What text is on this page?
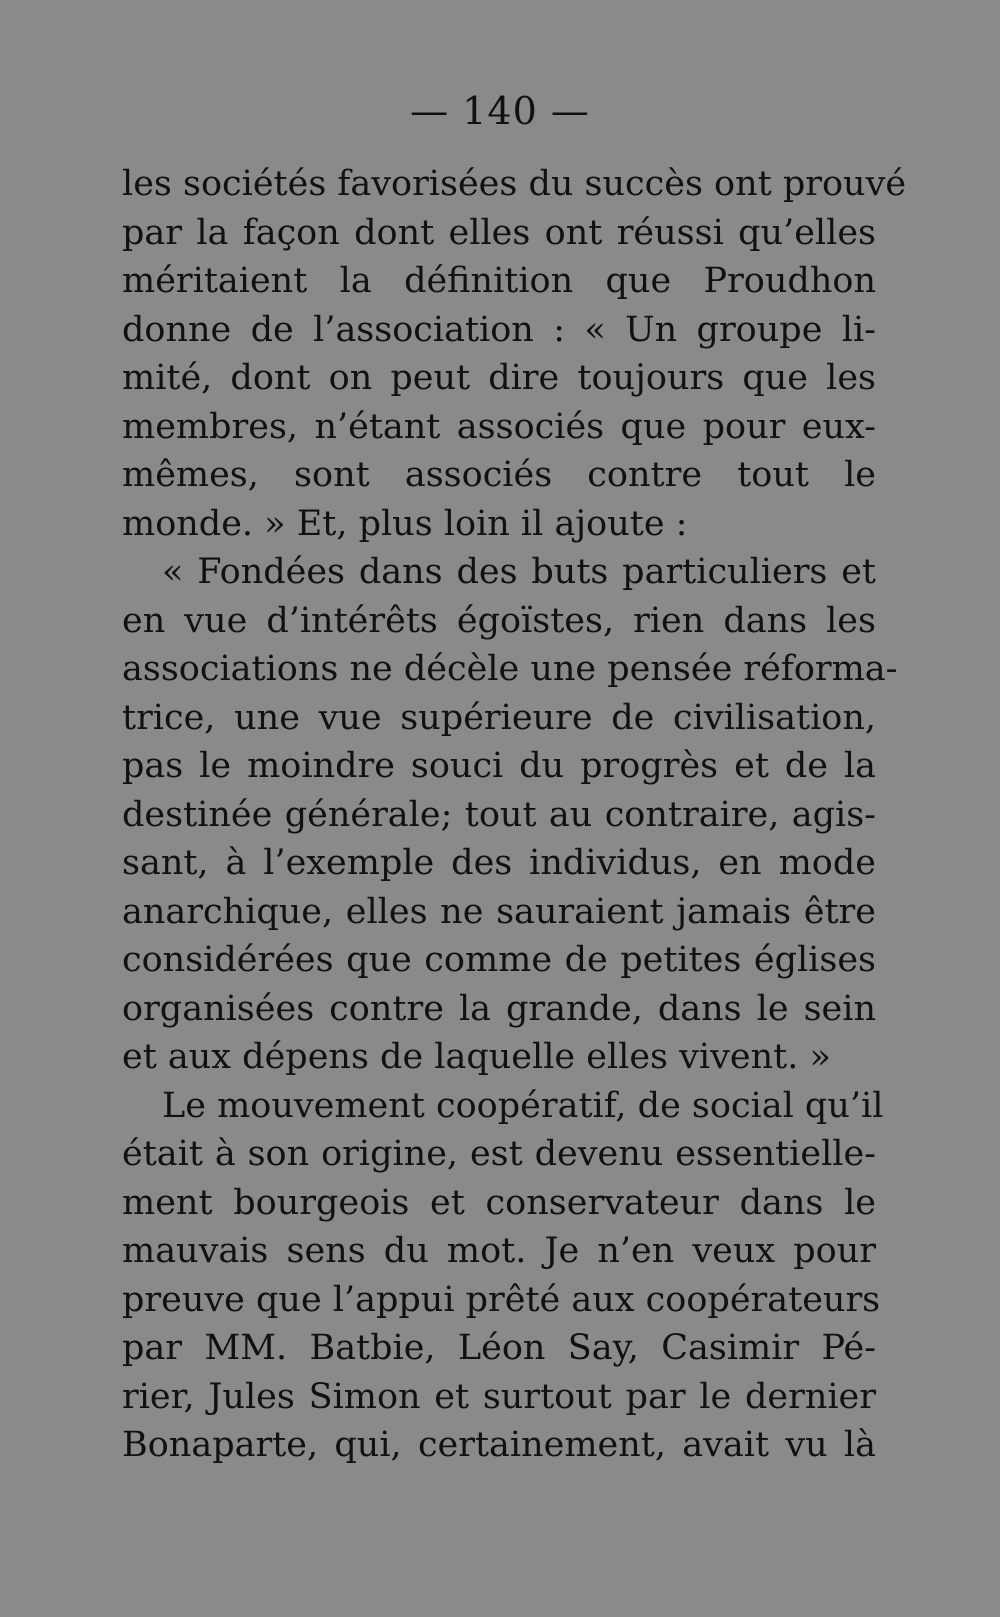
— 140 —
les sociétés favorisées du succès ont prouvé
par la façon dont elles ont réussi qu’elles
méritaient la définition que Proudhon
donne de l’association : « Un groupe li-
mité, dont on peut dire toujours que les
membres, n’étant associés que pour eux-
mêmes, sont associés contre tout le
monde. » Et, plus loin il ajoute :
« Fondées dans des buts particuliers et
en vue d’intérêts égoïstes, rien dans les
associations ne décèle une pensée réforma-
trice, une vue supérieure de civilisation,
pas le moindre souci du progrès et de la
destinée générale; tout au contraire, agis-
sant, à l’exemple des individus, en mode
anarchique, elles ne sauraient jamais être
considérées que comme de petites églises
organisées contre la grande, dans le sein
et aux dépens de laquelle elles vivent. »
Le mouvement coopératif, de social qu’il
était à son origine, est devenu essentielle-
ment bourgeois et conservateur dans le
mauvais sens du mot. Je n’en veux pour
preuve que l’appui prêté aux coopérateurs
par MM. Batbie, Léon Say, Casimir Pé-
rier, Jules Simon et surtout par le dernier
Bonaparte, qui, certainement, avait vu là
